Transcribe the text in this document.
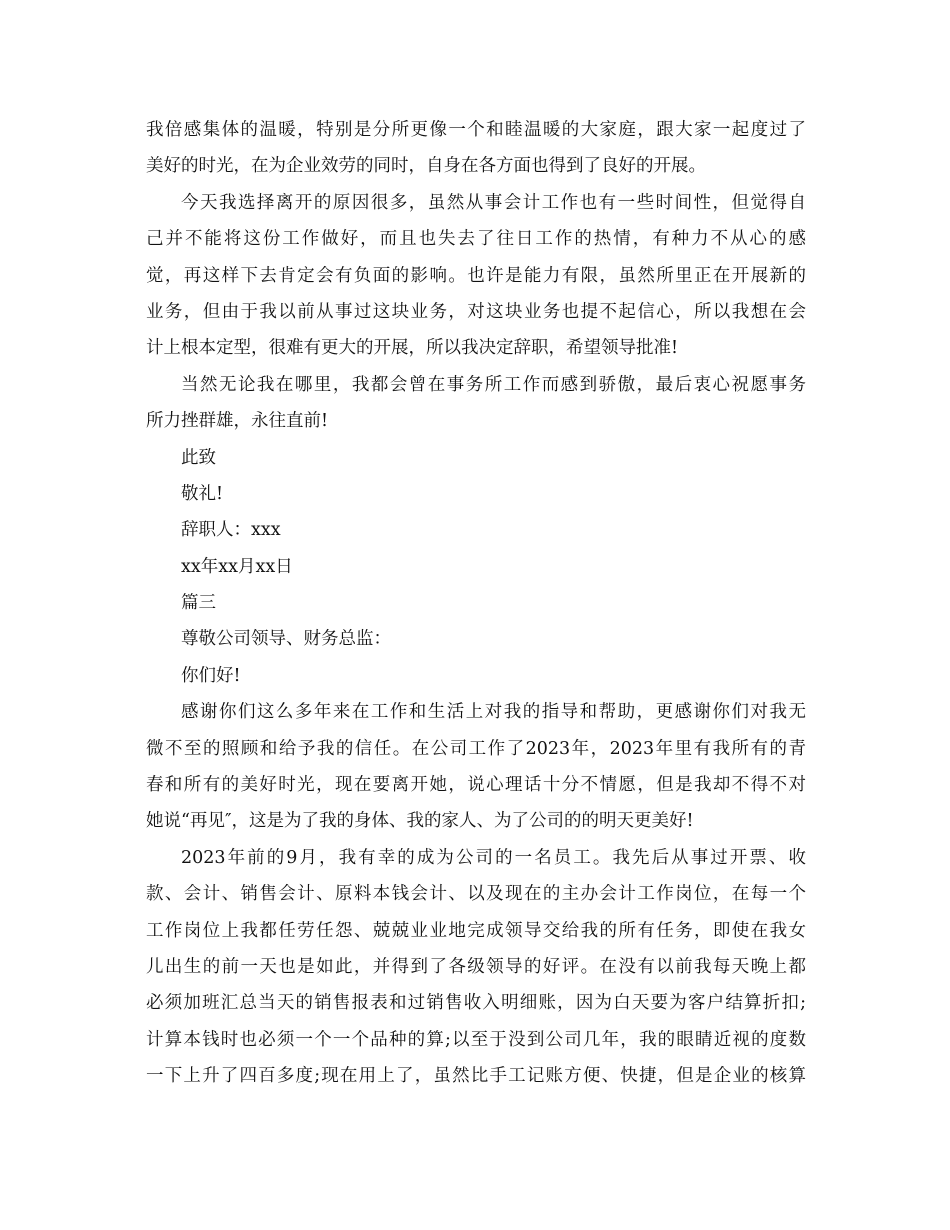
我倍感集体的温暖，特别是分所更像一个和睦温暖的大家庭，跟大家一起度过了
美好的时光，在为企业效劳的同时，自身在各方面也得到了良好的开展。
今天我选择离开的原因很多，虽然从事会计工作也有一些时间性，但觉得自
己并不能将这份工作做好，而且也失去了往日工作的热情，有种力不从心的感
觉，再这样下去肯定会有负面的影响。也许是能力有限，虽然所里正在开展新的
业务，但由于我以前从事过这块业务，对这块业务也提不起信心，所以我想在会
计上根本定型，很难有更大的开展，所以我决定辞职，希望领导批准!
当然无论我在哪里，我都会曾在事务所工作而感到骄傲，最后衷心祝愿事务
所力挫群雄，永往直前!
此致
敬礼!
辞职人：xxx
xx年xx月xx日
篇三
尊敬公司领导、财务总监：
你们好!
感谢你们这么多年来在工作和生活上对我的指导和帮助，更感谢你们对我无
微不至的照顾和给予我的信任。在公司工作了2023年，2023年里有我所有的青
春和所有的美好时光，现在要离开她，说心理话十分不情愿，但是我却不得不对
她说“再见″，这是为了我的身体、我的家人、为了公司的的明天更美好!
2023年前的9月，我有幸的成为公司的一名员工。我先后从事过开票、收
款、会计、销售会计、原料本钱会计、以及现在的主办会计工作岗位，在每一个
工作岗位上我都任劳任怨、兢兢业业地完成领导交给我的所有任务，即使在我女
儿出生的前一天也是如此，并得到了各级领导的好评。在没有以前我每天晚上都
必须加班汇总当天的销售报表和过销售收入明细账，因为白天要为客户结算折扣;
计算本钱时也必须一个一个品种的算;以至于没到公司几年，我的眼睛近视的度数
一下上升了四百多度;现在用上了，虽然比手工记账方便、快捷，但是企业的核算
